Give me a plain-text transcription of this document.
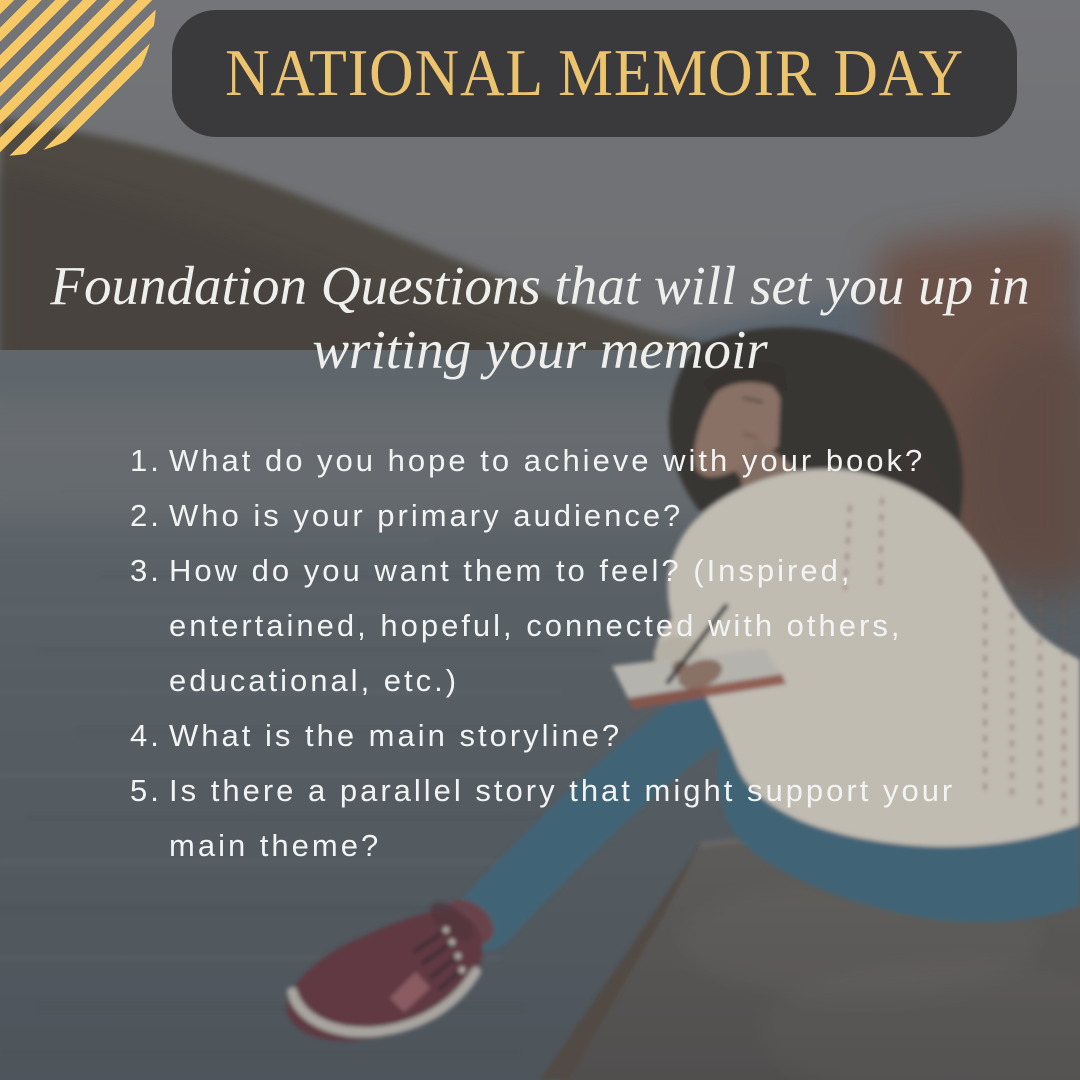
NATIONAL MEMOIR DAY
Foundation Questions that will set you up in
writing your memoir
1. What do you hope to achieve with your book?
2. Who is your primary audience?
3. How do you want them to feel? (Inspired,
entertained, hopeful, connected with others,
educational, etc.)
4. What is the main storyline?
5. Is there a parallel story that might support your
main theme?
